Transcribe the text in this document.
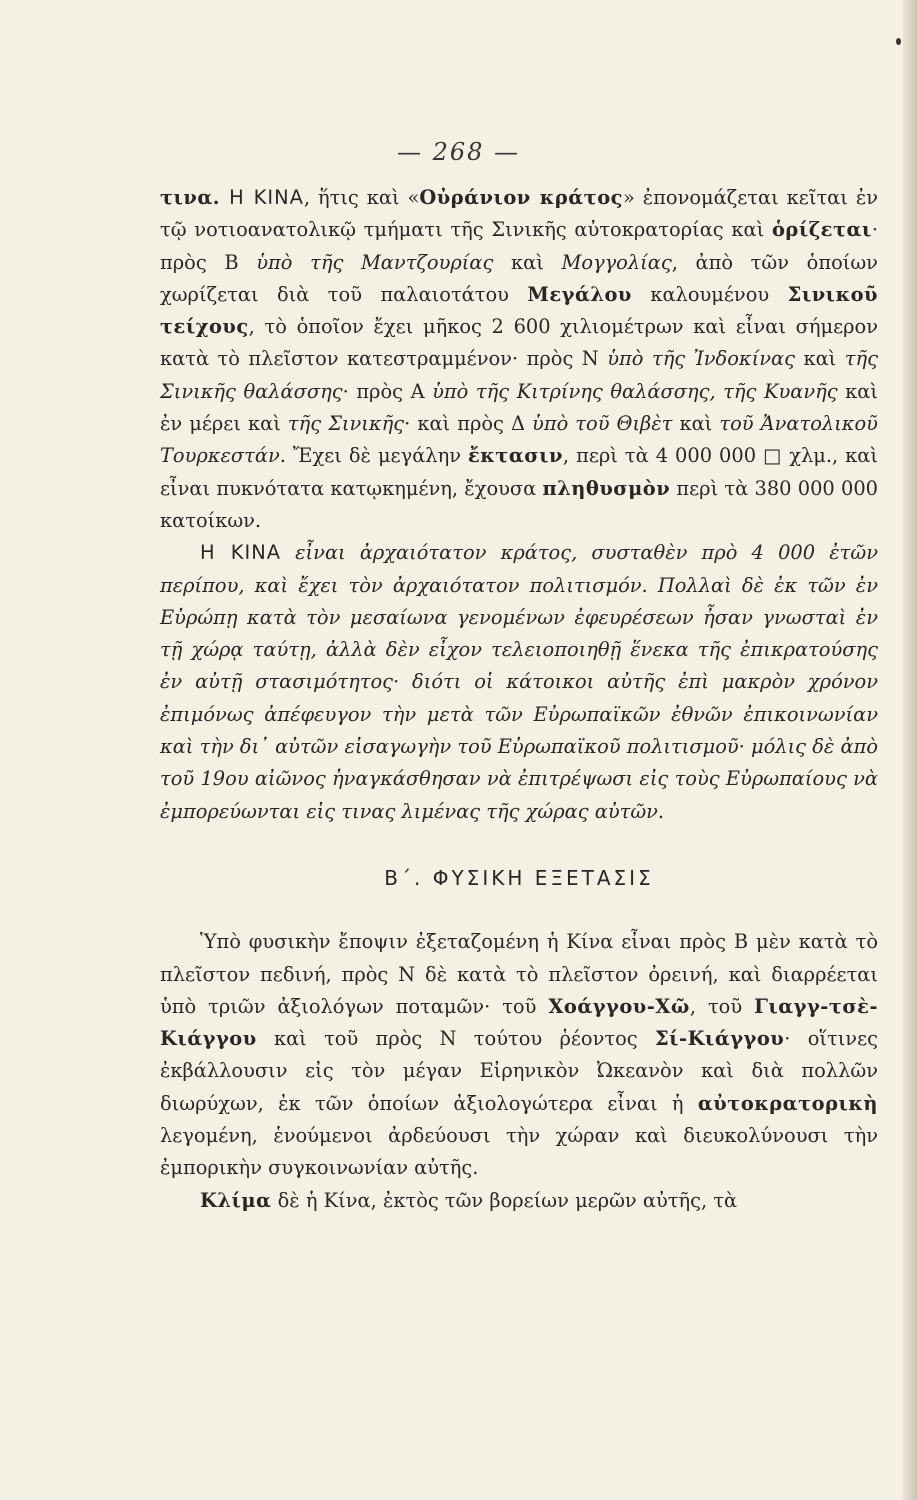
— 268 —

τινα. Η ΚΙΝΑ, ἥτις καὶ «Οὐράνιον κράτος» ἐπονομάζεται κεῖται ἐν τῷ νοτιοανατολικῷ τμήματι τῆς Σινικῆς αὐτοκρατορίας καὶ ὁρίζεται· πρὸς Β ὑπὸ τῆς Μαντζουρίας καὶ Μογγολίας, ἀπὸ τῶν ὁποίων χωρίζεται διὰ τοῦ παλαιοτάτου Μεγάλου καλουμένου Σινικοῦ τείχους, τὸ ὁποῖον ἔχει μῆκος 2 600 χιλιομέτρων καὶ εἶναι σήμερον κατὰ τὸ πλεῖστον κατεστραμμένον· πρὸς Ν ὑπὸ τῆς Ἰνδοκίνας καὶ τῆς Σινικῆς θαλάσσης· πρὸς Α ὑπὸ τῆς Κιτρίνης θαλάσσης, τῆς Κυανῆς καὶ ἐν μέρει καὶ τῆς Σινικῆς· καὶ πρὸς Δ ὑπὸ τοῦ Θιβὲτ καὶ τοῦ Ἀνατολικοῦ Τουρκεστάν. Ἔχει δὲ μεγάλην ἔκτασιν, περὶ τὰ 4 000 000 □ χλμ., καὶ εἶναι πυκνότατα κατῳκημένη, ἔχουσα πληθυσμὸν περὶ τὰ 380 000 000 κατοίκων.

Η ΚΙΝΑ εἶναι ἀρχαιότατον κράτος, συσταθὲν πρὸ 4 000 ἐτῶν περίπου, καὶ ἔχει τὸν ἀρχαιότατον πολιτισμόν. Πολλαὶ δὲ ἐκ τῶν ἐν Εὐρώπῃ κατὰ τὸν μεσαίωνα γενομένων ἐφευρέσεων ἦσαν γνωσταὶ ἐν τῇ χώρᾳ ταύτῃ, ἀλλὰ δὲν εἶχον τελειοποιηθῇ ἕνεκα τῆς ἐπικρατούσης ἐν αὐτῇ στασιμότητος· διότι οἱ κάτοικοι αὐτῆς ἐπὶ μακρὸν χρόνον ἐπιμόνως ἀπέφευγον τὴν μετὰ τῶν Εὐρωπαϊκῶν ἐθνῶν ἐπικοινωνίαν καὶ τὴν δι᾿ αὐτῶν εἰσαγωγὴν τοῦ Εὐρωπαϊκοῦ πολιτισμοῦ· μόλις δὲ ἀπὸ τοῦ 19ου αἰῶνος ἠναγκάσθησαν νὰ ἐπιτρέψωσι εἰς τοὺς Εὐρωπαίους νὰ ἐμπορεύωνται εἰς τινας λιμένας τῆς χώρας αὐτῶν.

Β΄. ΦΥΣΙΚΗ ΕΞΕΤΑΣΙΣ

Ὑπὸ φυσικὴν ἔποψιν ἐξεταζομένη ἡ Κίνα εἶναι πρὸς Β μὲν κατὰ τὸ πλεῖστον πεδινή, πρὸς Ν δὲ κατὰ τὸ πλεῖστον ὀρεινή, καὶ διαρρέεται ὑπὸ τριῶν ἀξιολόγων ποταμῶν· τοῦ Χοάγγου-Χῶ, τοῦ Γιαγγ-τσὲ-Κιάγγου καὶ τοῦ πρὸς Ν τούτου ῥέοντος Σί-Κιάγγου· οἵτινες ἐκβάλλουσιν εἰς τὸν μέγαν Εἰρηνικὸν Ὠκεανὸν καὶ διὰ πολλῶν διωρύχων, ἐκ τῶν ὁποίων ἀξιολογώτερα εἶναι ἡ αὐτοκρατορικὴ λεγομένη, ἑνούμενοι ἀρδεύουσι τὴν χώραν καὶ διευκολύνουσι τὴν ἐμπορικὴν συγκοινωνίαν αὐτῆς.

Κλίμα δὲ ἡ Κίνα, ἐκτὸς τῶν βορείων μερῶν αὐτῆς, τὰ
